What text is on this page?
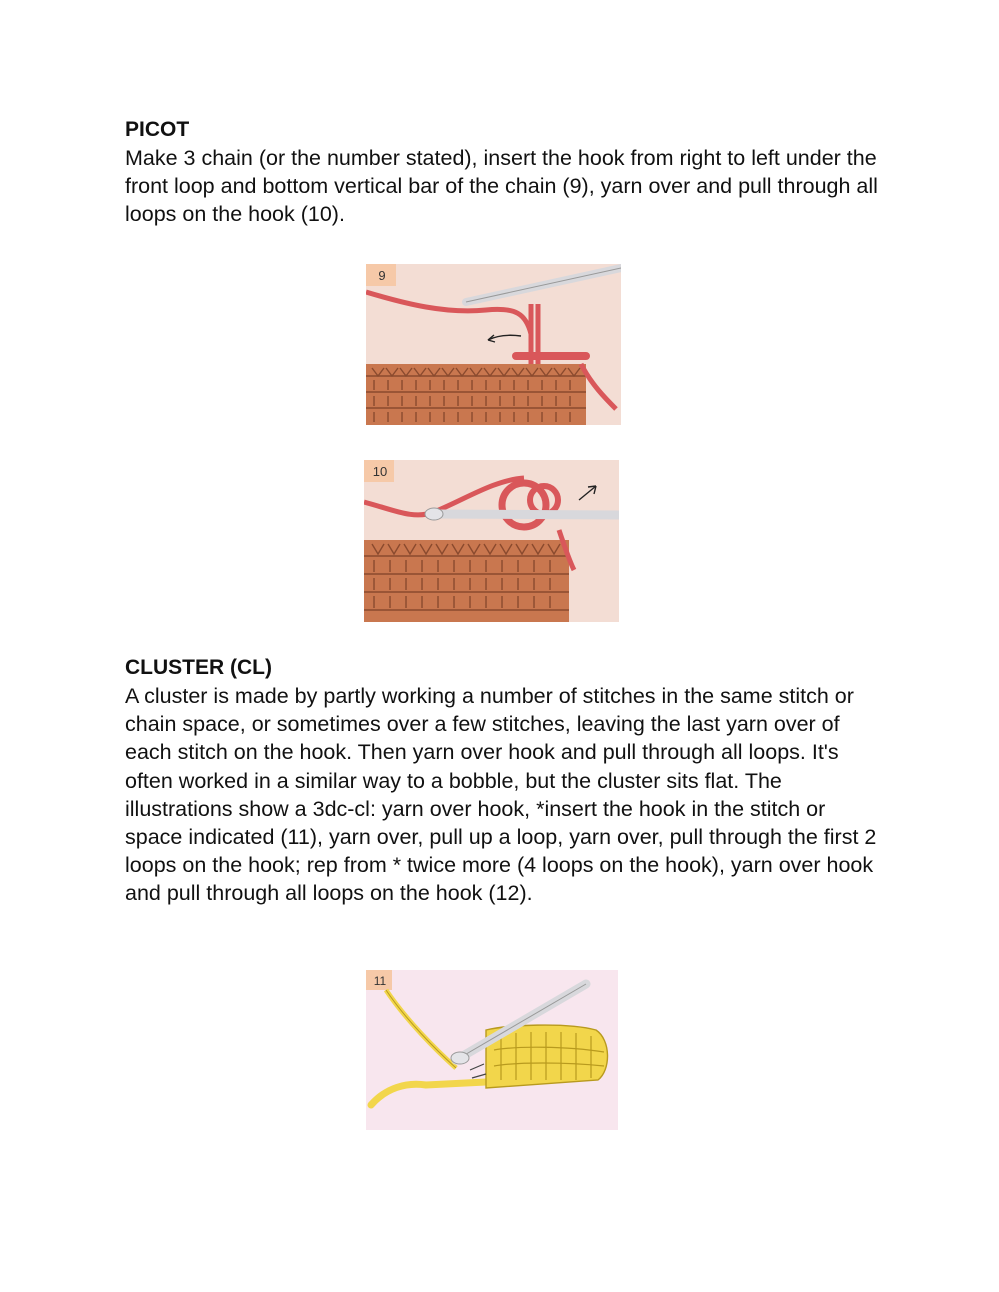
PICOT

Make 3 chain (or the number stated), insert the hook from right to left under the front loop and bottom vertical bar of the chain (9), yarn over and pull through all loops on the hook (10).

9
10
CLUSTER (CL)

A cluster is made by partly working a number of stitches in the same stitch or chain space, or sometimes over a few stitches, leaving the last yarn over of each stitch on the hook. Then yarn over hook and pull through all loops. It's often worked in a similar way to a bobble, but the cluster sits flat. The illustrations show a 3dc-cl: yarn over hook, *insert the hook in the stitch or space indicated (11), yarn over, pull up a loop, yarn over, pull through the first 2 loops on the hook; rep from * twice more (4 loops on the hook), yarn over hook and pull through all loops on the hook (12).

11
